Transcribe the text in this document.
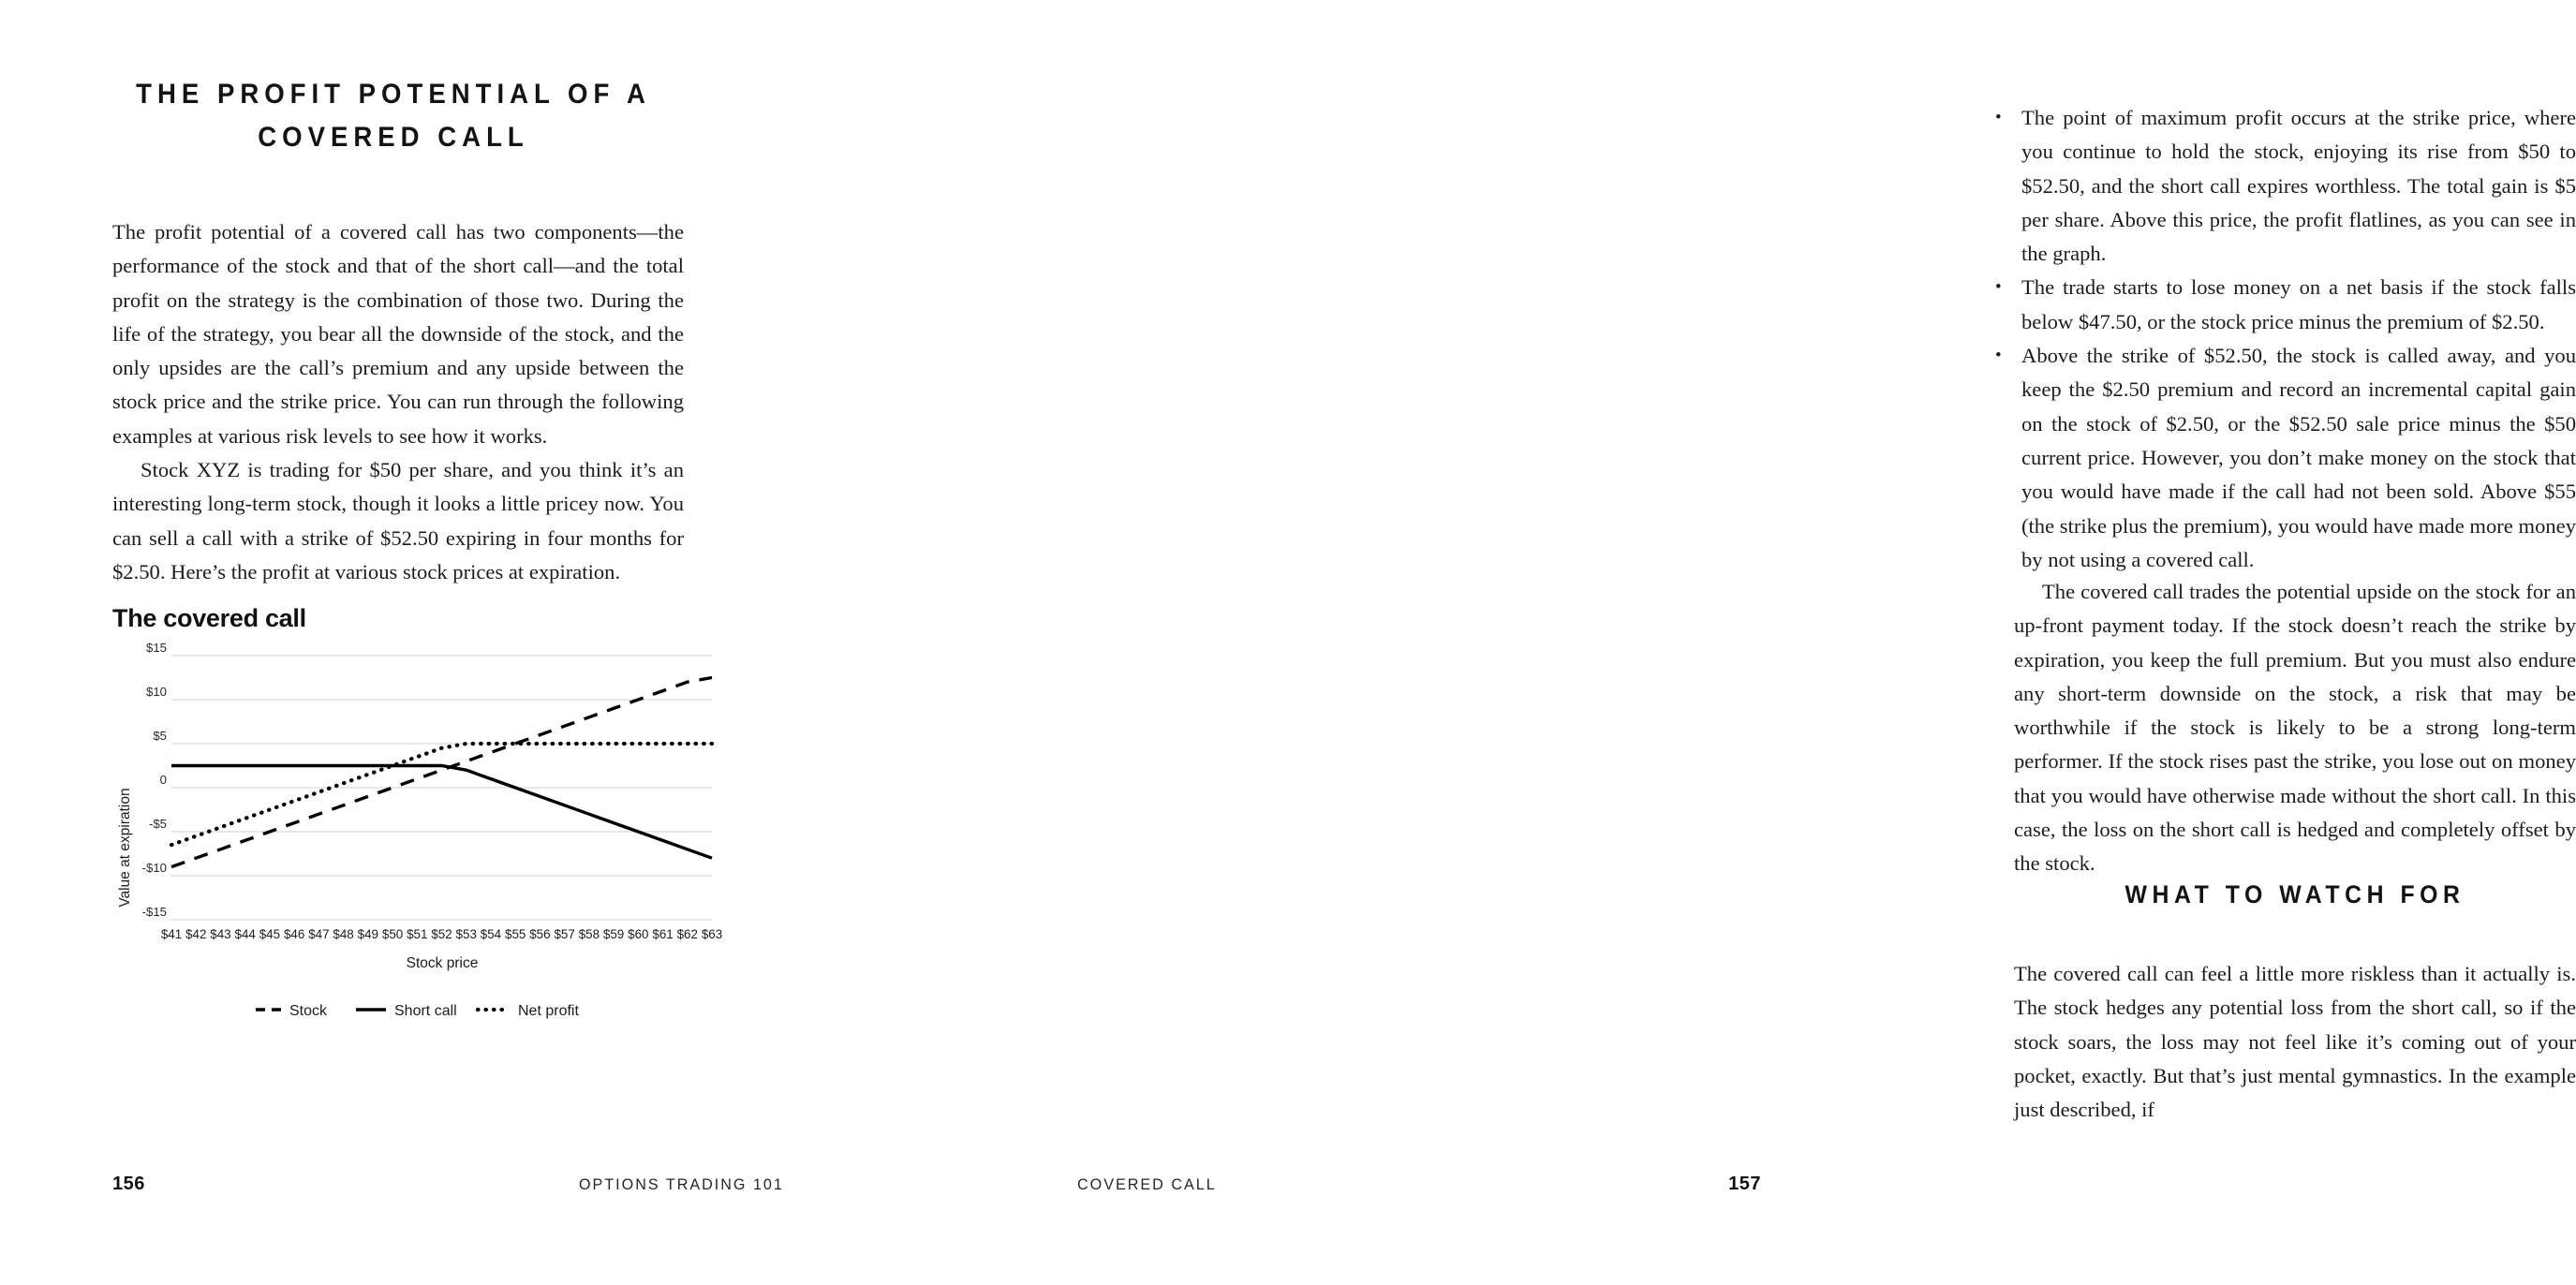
THE PROFIT POTENTIAL OF A
COVERED CALL

The profit potential of a covered call has two components—the performance of the stock and that of the short call—and the total profit on the strategy is the combination of those two. During the life of the strategy, you bear all the downside of the stock, and the only upsides are the call’s premium and any upside between the stock price and the strike price. You can run through the following examples at various risk levels to see how it works.

Stock XYZ is trading for $50 per share, and you think it’s an interesting long-term stock, though it looks a little pricey now. You can sell a call with a strike of $52.50 expiring in four months for $2.50. Here’s the profit at various stock prices at expiration.

The covered call
$15
$10
$5
0
-$5
-$10
-$15
Value at expiration
$41 $42 $43 $44 $45 $46 $47 $48 $49 $50 $51 $52 $53 $54 $55 $56 $57 $58 $59 $60 $61 $62 $63
Stock price
Stock	Short call	Net profit
156	OPTIONS TRADING 101

• The point of maximum profit occurs at the strike price, where you continue to hold the stock, enjoying its rise from $50 to $52.50, and the short call expires worthless. The total gain is $5 per share. Above this price, the profit flatlines, as you can see in the graph.

• The trade starts to lose money on a net basis if the stock falls below $47.50, or the stock price minus the premium of $2.50.

• Above the strike of $52.50, the stock is called away, and you keep the $2.50 premium and record an incremental capital gain on the stock of $2.50, or the $52.50 sale price minus the $50 current price. However, you don’t make money on the stock that you would have made if the call had not been sold. Above $55 (the strike plus the premium), you would have made more money by not using a covered call.

The covered call trades the potential upside on the stock for an up-front payment today. If the stock doesn’t reach the strike by expiration, you keep the full premium. But you must also endure any short-term downside on the stock, a risk that may be worthwhile if the stock is likely to be a strong long-term performer. If the stock rises past the strike, you lose out on money that you would have otherwise made without the short call. In this case, the loss on the short call is hedged and completely offset by the stock.

WHAT TO WATCH FOR

The covered call can feel a little more riskless than it actually is. The stock hedges any potential loss from the short call, so if the stock soars, the loss may not feel like it’s coming out of your pocket, exactly. But that’s just mental gymnastics. In the example just described, if

COVERED CALL	157
